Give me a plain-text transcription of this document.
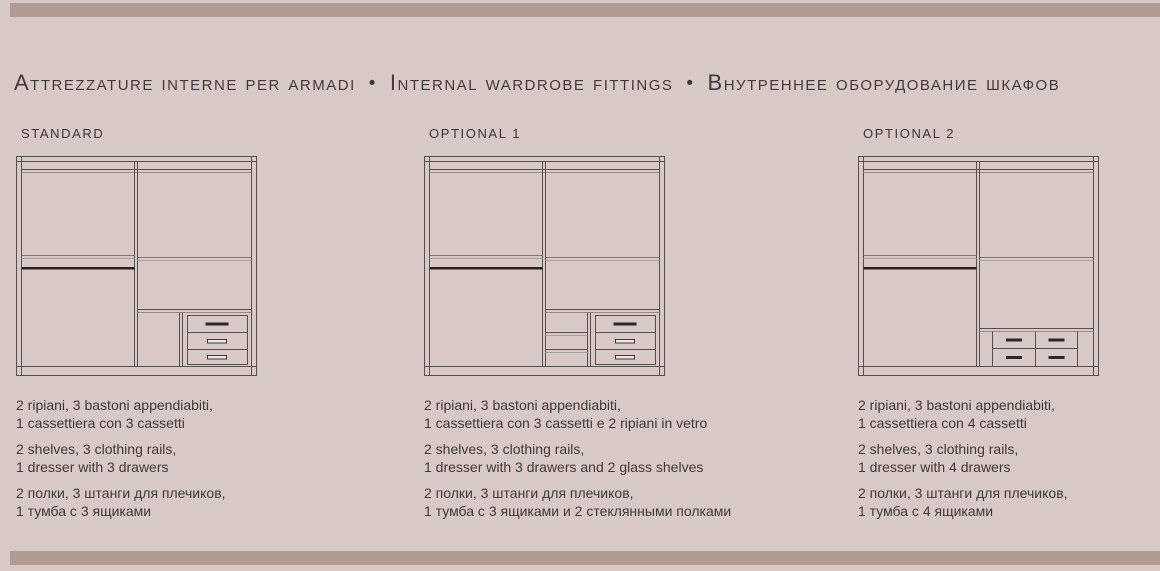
Attrezzature interne per armadi • Internal wardrobe fittings • Внутреннее оборудование шкафов
STANDARD

2 ripiani, 3 bastoni appendiabiti,
1 cassettiera con 3 cassetti

2 shelves, 3 clothing rails,
1 dresser with 3 drawers

2 полки, 3 штанги для плечиков,
1 тумба с 3 ящиками

OPTIONAL 1

2 ripiani, 3 bastoni appendiabiti,
1 cassettiera con 3 cassetti e 2 ripiani in vetro

2 shelves, 3 clothing rails,
1 dresser with 3 drawers and 2 glass shelves

2 полки, 3 штанги для плечиков,
1 тумба с 3 ящиками и 2 стеклянными полками

OPTIONAL 2

2 ripiani, 3 bastoni appendiabiti,
1 cassettiera con 4 cassetti

2 shelves, 3 clothing rails,
1 dresser with 4 drawers

2 полки, 3 штанги для плечиков,
1 тумба с 4 ящиками
